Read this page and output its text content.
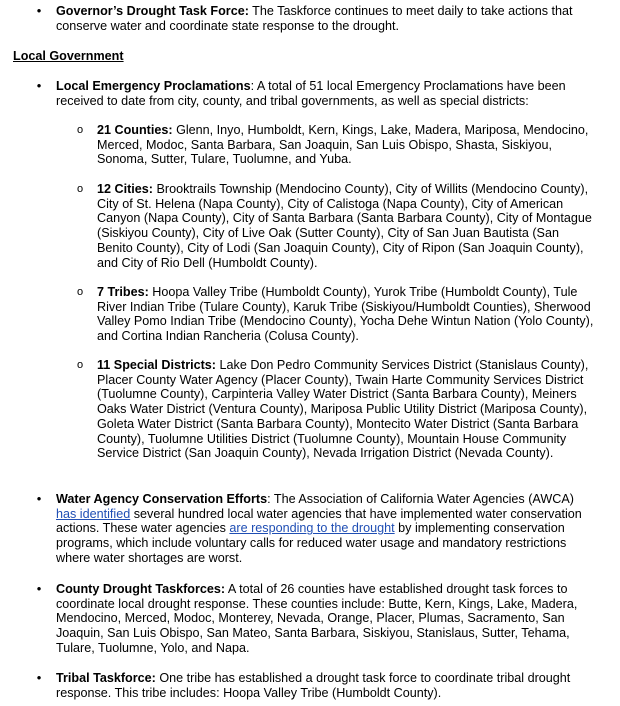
• Governor’s Drought Task Force: The Taskforce continues to meet daily to take actions that conserve water and coordinate state response to the drought.
Local Government
• Local Emergency Proclamations: A total of 51 local Emergency Proclamations have been received to date from city, county, and tribal governments, as well as special districts:
o 21 Counties: Glenn, Inyo, Humboldt, Kern, Kings, Lake, Madera, Mariposa, Mendocino, Merced, Modoc, Santa Barbara, San Joaquin, San Luis Obispo, Shasta, Siskiyou, Sonoma, Sutter, Tulare, Tuolumne, and Yuba.
o 12 Cities: Brooktrails Township (Mendocino County), City of Willits (Mendocino County), City of St. Helena (Napa County), City of Calistoga (Napa County), City of American Canyon (Napa County), City of Santa Barbara (Santa Barbara County), City of Montague (Siskiyou County), City of Live Oak (Sutter County), City of San Juan Bautista (San Benito County), City of Lodi (San Joaquin County), City of Ripon (San Joaquin County), and City of Rio Dell (Humboldt County).
o 7 Tribes: Hoopa Valley Tribe (Humboldt County), Yurok Tribe (Humboldt County), Tule River Indian Tribe (Tulare County), Karuk Tribe (Siskiyou/Humboldt Counties), Sherwood Valley Pomo Indian Tribe (Mendocino County), Yocha Dehe Wintun Nation (Yolo County), and Cortina Indian Rancheria (Colusa County).
o 11 Special Districts: Lake Don Pedro Community Services District (Stanislaus County), Placer County Water Agency (Placer County), Twain Harte Community Services District (Tuolumne County), Carpinteria Valley Water District (Santa Barbara County), Meiners Oaks Water District (Ventura County), Mariposa Public Utility District (Mariposa County), Goleta Water District (Santa Barbara County), Montecito Water District (Santa Barbara County), Tuolumne Utilities District (Tuolumne County), Mountain House Community Service District (San Joaquin County), Nevada Irrigation District (Nevada County).
• Water Agency Conservation Efforts: The Association of California Water Agencies (AWCA) has identified several hundred local water agencies that have implemented water conservation actions. These water agencies are responding to the drought by implementing conservation programs, which include voluntary calls for reduced water usage and mandatory restrictions where water shortages are worst.
• County Drought Taskforces: A total of 26 counties have established drought task forces to coordinate local drought response. These counties include: Butte, Kern, Kings, Lake, Madera, Mendocino, Merced, Modoc, Monterey, Nevada, Orange, Placer, Plumas, Sacramento, San Joaquin, San Luis Obispo, San Mateo, Santa Barbara, Siskiyou, Stanislaus, Sutter, Tehama, Tulare, Tuolumne, Yolo, and Napa.
• Tribal Taskforce: One tribe has established a drought task force to coordinate tribal drought response. This tribe includes: Hoopa Valley Tribe (Humboldt County).
